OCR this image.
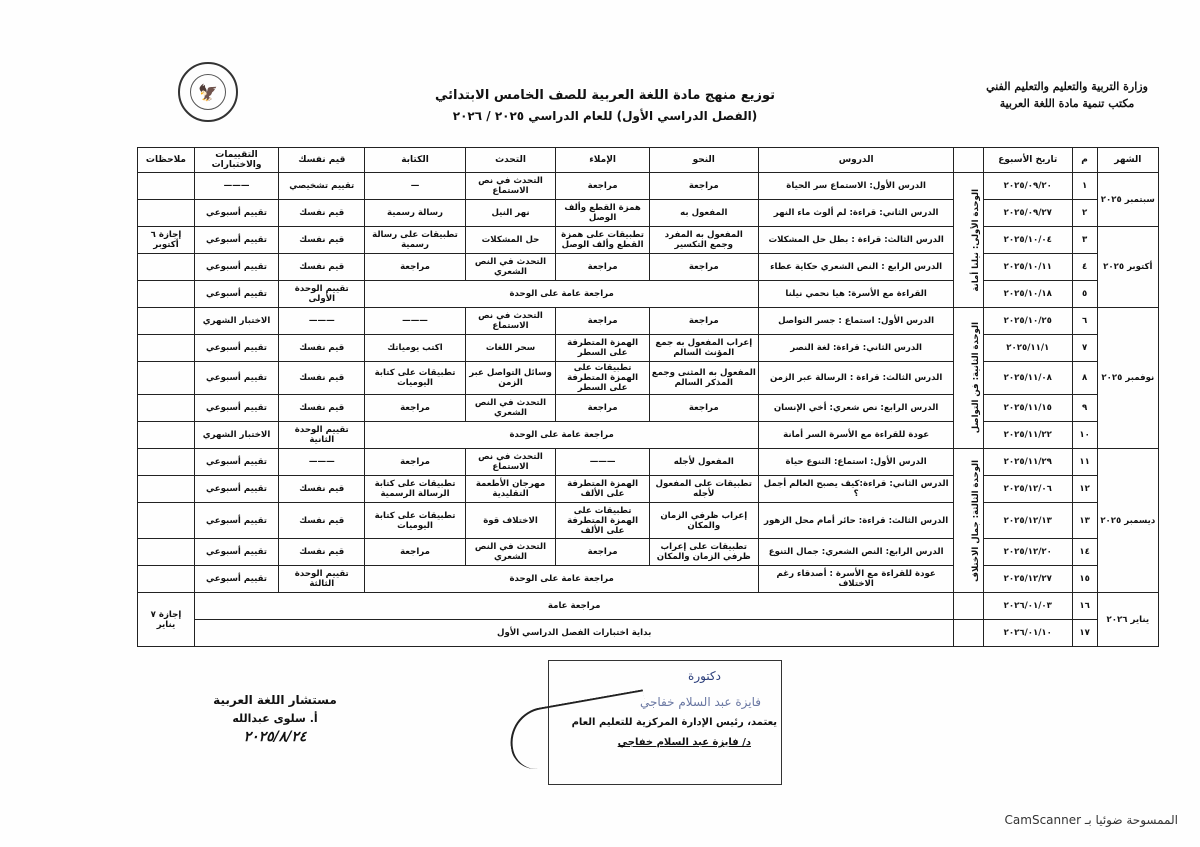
وزارة التربية والتعليم والتعليم الفني
مكتب تنمية مادة اللغة العربية
توزيع منهج مادة اللغة العربية للصف الخامس الابتدائي
(الفصل الدراسي الأول) للعام الدراسي ٢٠٢٥ / ٢٠٢٦
🦅
الشهر	م	تاريخ الأسبوع		الدروس	النحو	الإملاء	التحدث	الكتابة	قيم نفسك	التقييمات والاختبارات	ملاحظات
سبتمبر ٢٠٢٥	١	٢٠٢٥/٠٩/٢٠	الوحدة الأولى: نيلنا أمانة	الدرس الأول: الاستماع سر الحياة	مراجعة	مراجعة	التحدث في نص الاستماع	—	تقييم تشخيصي	———	
	٢	٢٠٢٥/٠٩/٢٧		الدرس الثاني: قراءة: لم ألوث ماء النهر	المفعول به	همزة القطع وألف الوصل	نهر النيل	رسالة رسمية	قيم نفسك	تقييم أسبوعي	
أكتوبر ٢٠٢٥	٣	٢٠٢٥/١٠/٠٤		الدرس الثالث: قراءة : بطل حل المشكلات	المفعول به المفرد وجمع التكسير	تطبيقات على همزة القطع وألف الوصل	حل المشكلات	تطبيقات على رسالة رسمية	قيم نفسك	تقييم أسبوعي	إجازة ٦ أكتوبر
	٤	٢٠٢٥/١٠/١١		الدرس الرابع : النص الشعري حكاية عطاء	مراجعة	مراجعة	التحدث في النص الشعري	مراجعة	قيم نفسك	تقييم أسبوعي	
	٥	٢٠٢٥/١٠/١٨		القراءة مع الأسرة: هيا نحمي نيلنا	مراجعة عامة على الوحدة				تقييم الوحدة الأولى	تقييم أسبوعي	
نوفمبر ٢٠٢٥	٦	٢٠٢٥/١٠/٢٥	الوحدة الثانية: فن التواصل	الدرس الأول: استماع : جسر التواصل	مراجعة	مراجعة	التحدث في نص الاستماع	———	———	الاختبار الشهري	
	٧	٢٠٢٥/١١/١		الدرس الثاني: قراءة: لغة النصر	إعراب المفعول به جمع المؤنث السالم	الهمزة المتطرفة على السطر	سحر اللغات	اكتب يومياتك	قيم نفسك	تقييم أسبوعي	
	٨	٢٠٢٥/١١/٠٨		الدرس الثالث: قراءة : الرسالة عبر الزمن	المفعول به المثنى وجمع المذكر السالم	تطبيقات على الهمزة المتطرفة على السطر	وسائل التواصل عبر الزمن	تطبيقات على كتابة اليوميات	قيم نفسك	تقييم أسبوعي	
	٩	٢٠٢٥/١١/١٥		الدرس الرابع: نص شعري: أخي الإنسان	مراجعة	مراجعة	التحدث في النص الشعري	مراجعة	قيم نفسك	تقييم أسبوعي	
	١٠	٢٠٢٥/١١/٢٢		عودة للقراءة مع الأسرة السر أمانة	مراجعة عامة على الوحدة				تقييم الوحدة الثانية	الاختبار الشهري	
ديسمبر ٢٠٢٥	١١	٢٠٢٥/١١/٢٩	الوحدة الثالثة: جمال الاختلاف	الدرس الأول: استماع: التنوع حياة	المفعول لأجله	———	التحدث في نص الاستماع	مراجعة	———	تقييم أسبوعي	
	١٢	٢٠٢٥/١٢/٠٦		الدرس الثاني: قراءة:كيف يصبح العالم أجمل ؟	تطبيقات على المفعول لأجله	الهمزة المتطرفة على الألف	مهرجان الأطعمة التقليدية	تطبيقات على كتابة الرسالة الرسمية	قيم نفسك	تقييم أسبوعي	
	١٣	٢٠٢٥/١٢/١٣		الدرس الثالث: قراءة: حائر أمام محل الزهور	إعراب ظرفي الزمان والمكان	تطبيقات على الهمزة المتطرفة على الألف	الاختلاف قوة	تطبيقات على كتابة اليوميات	قيم نفسك	تقييم أسبوعي	
	١٤	٢٠٢٥/١٢/٢٠		الدرس الرابع: النص الشعري: جمال التنوع	تطبيقات على إعراب ظرفي الزمان والمكان	مراجعة	التحدث في النص الشعري	مراجعة	قيم نفسك	تقييم أسبوعي	
	١٥	٢٠٢٥/١٢/٢٧		عودة للقراءة مع الأسرة : أصدقاء رغم الاختلاف	مراجعة عامة على الوحدة				تقييم الوحدة الثالثة	تقييم أسبوعي	
يناير ٢٠٢٦	١٦	٢٠٢٦/٠١/٠٣		مراجعة عامة							إجازة ٧ يناير
	١٧	٢٠٢٦/٠١/١٠		بداية اختبارات الفصل الدراسي الأول							
دكتورة
فايزة عبد السلام خفاجي
يعتمد، رئيس الإدارة المركزية للتعليم العام
د/ فايزة عبد السلام خفاجي
مستشار اللغة العربية
أ. سلوى عبدالله
٢٠٢٥/٨/٢٤
الممسوحة ضوئيا بـ CamScanner
